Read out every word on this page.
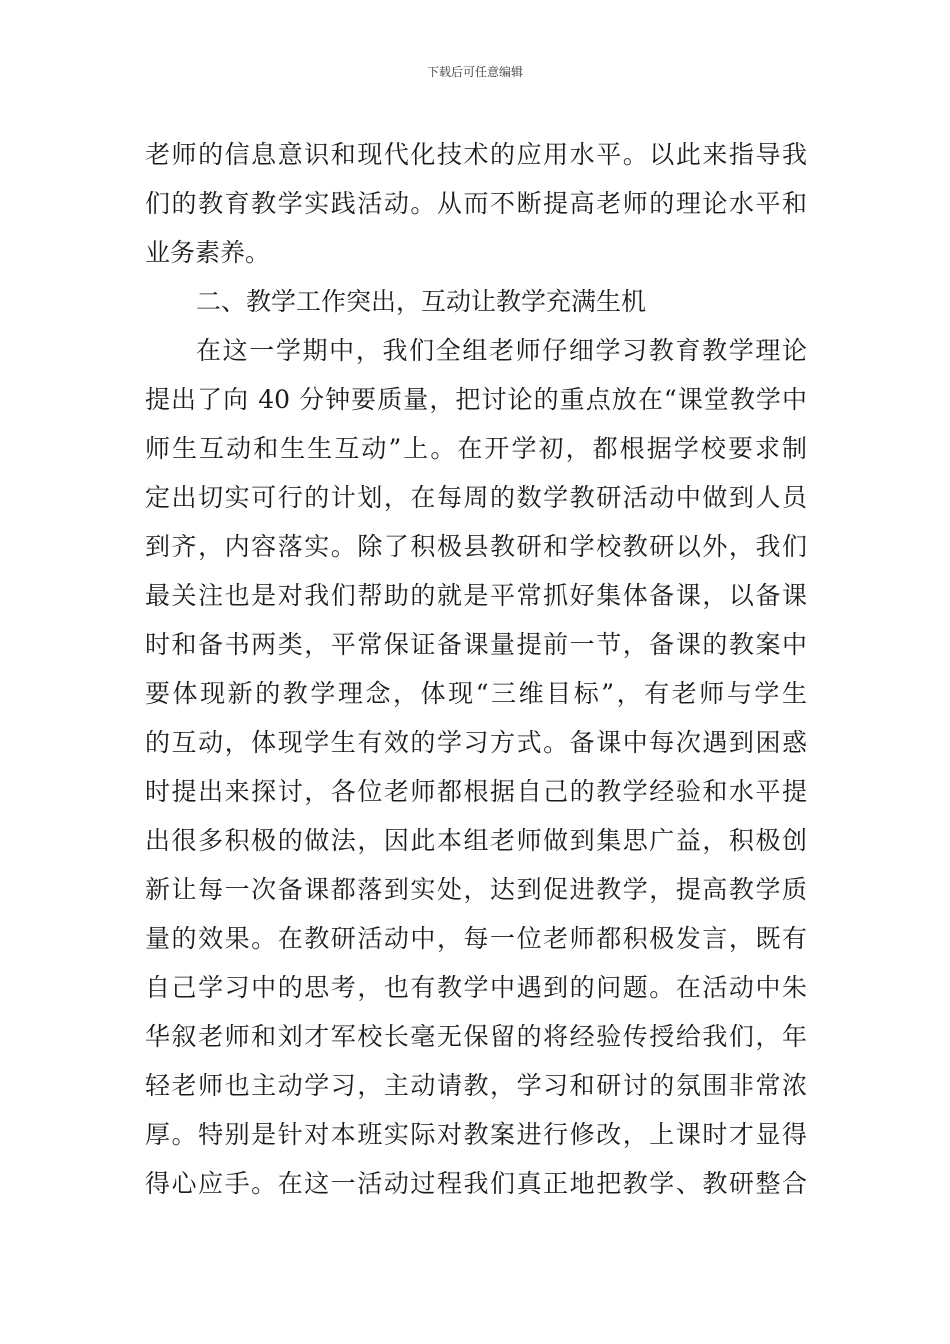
下载后可任意编辑
老师的信息意识和现代化技术的应用水平。以此来指导我
们的教育教学实践活动。从而不断提高老师的理论水平和
业务素养。
二、教学工作突出，互动让教学充满生机
在这一学期中，我们全组老师仔细学习教育教学理论
提出了向 40 分钟要质量，把讨论的重点放在“课堂教学中
师生互动和生生互动”上。在开学初，都根据学校要求制
定出切实可行的计划，在每周的数学教研活动中做到人员
到齐，内容落实。除了积极县教研和学校教研以外，我们
最关注也是对我们帮助的就是平常抓好集体备课，以备课
时和备书两类，平常保证备课量提前一节，备课的教案中
要体现新的教学理念，体现“三维目标”，有老师与学生
的互动，体现学生有效的学习方式。备课中每次遇到困惑
时提出来探讨，各位老师都根据自己的教学经验和水平提
出很多积极的做法，因此本组老师做到集思广益，积极创
新让每一次备课都落到实处，达到促进教学，提高教学质
量的效果。在教研活动中，每一位老师都积极发言，既有
自己学习中的思考，也有教学中遇到的问题。在活动中朱
华叙老师和刘才军校长毫无保留的将经验传授给我们，年
轻老师也主动学习，主动请教，学习和研讨的氛围非常浓
厚。特别是针对本班实际对教案进行修改，上课时才显得
得心应手。在这一活动过程我们真正地把教学、教研整合
